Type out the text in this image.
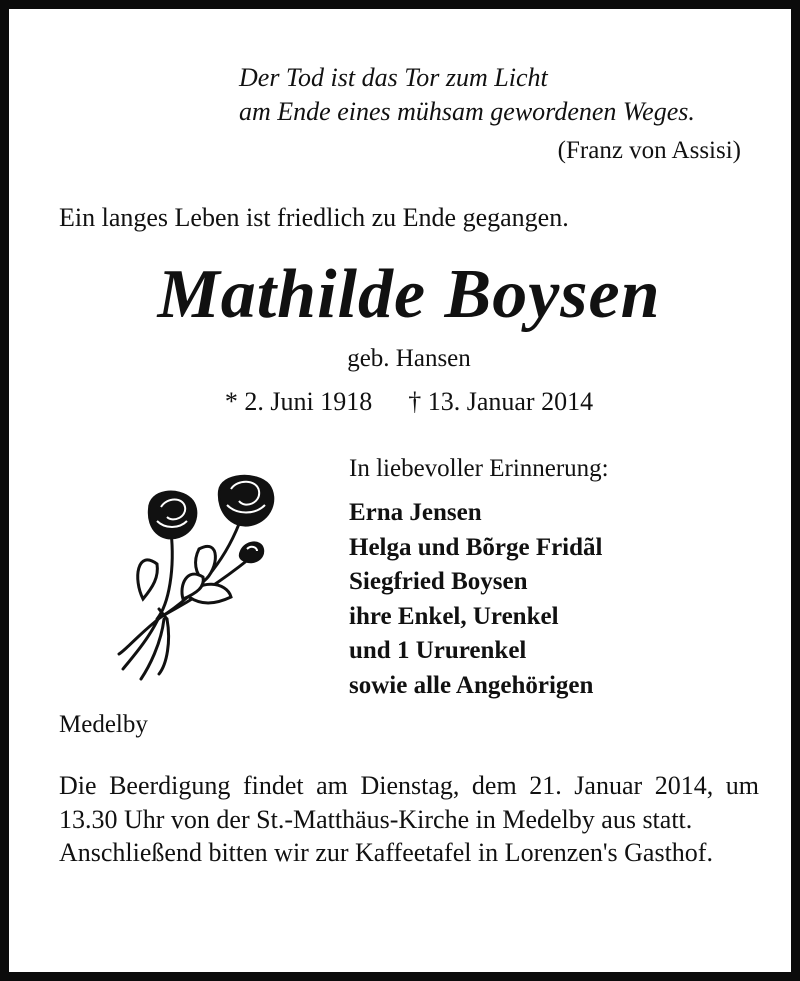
Der Tod ist das Tor zum Licht
am Ende eines mühsam gewordenen Weges.
(Franz von Assisi)
Ein langes Leben ist friedlich zu Ende gegangen.
Mathilde Boysen
geb. Hansen
* 2. Juni 1918 † 13. Januar 2014
In liebevoller Erinnerung:
Erna Jensen
Helga und Bõrge Fridãl
Siegfried Boysen
ihre Enkel, Urenkel
und 1 Ururenkel
sowie alle Angehörigen
Medelby

Die Beerdigung findet am Dienstag, dem 21. Januar 2014, um 13.30 Uhr von der St.-Matthäus-Kirche in Medelby aus statt.

Anschließend bitten wir zur Kaffeetafel in Lorenzen's Gasthof.
